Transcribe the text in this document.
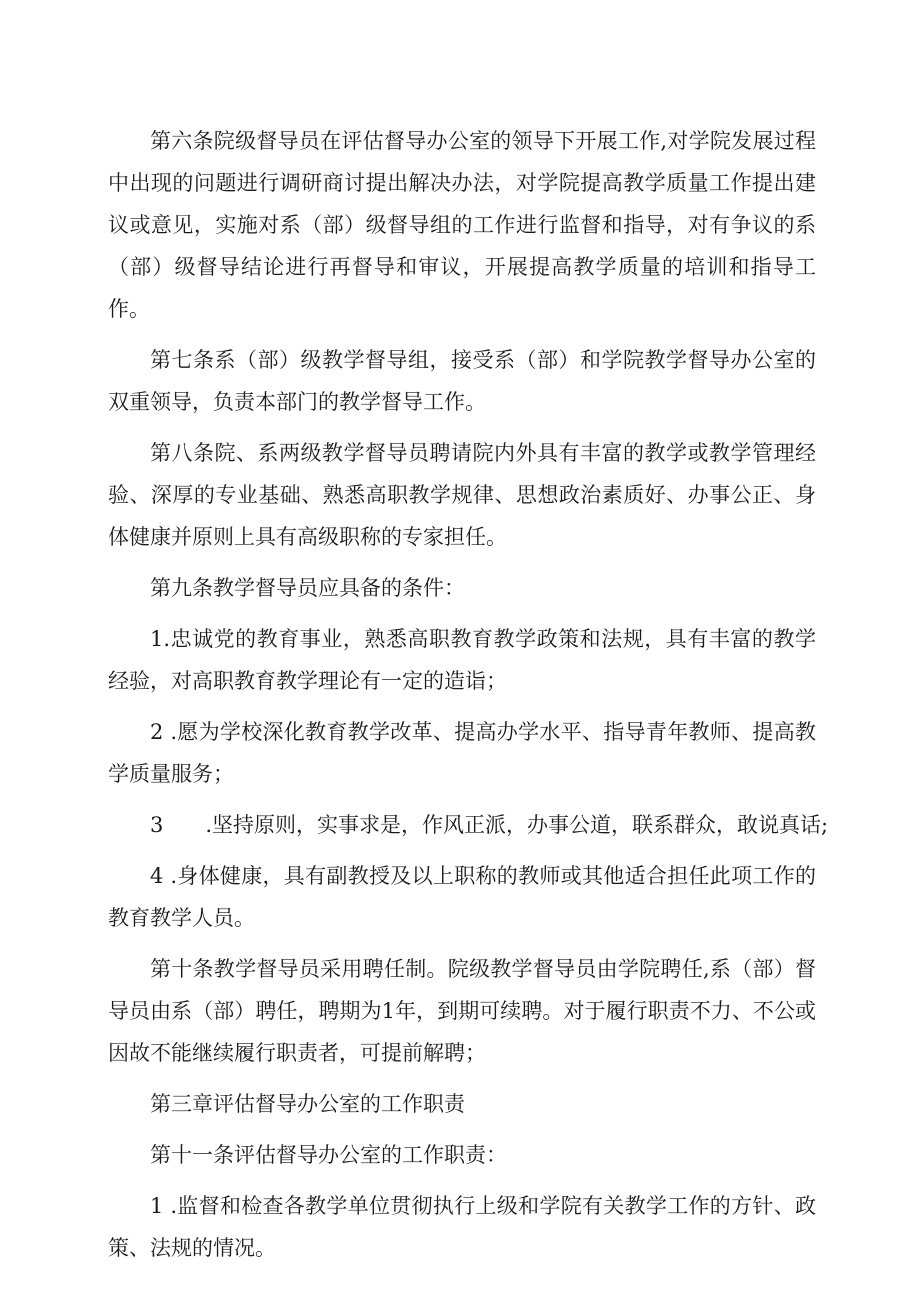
第六条院级督导员在评估督导办公室的领导下开展工作,对学院发展过程中出现的问题进行调研商讨提出解决办法，对学院提高教学质量工作提出建议或意见，实施对系（部）级督导组的工作进行监督和指导，对有争议的系（部）级督导结论进行再督导和审议，开展提高教学质量的培训和指导工作。

第七条系（部）级教学督导组，接受系（部）和学院教学督导办公室的双重领导，负责本部门的教学督导工作。

第八条院、系两级教学督导员聘请院内外具有丰富的教学或教学管理经验、深厚的专业基础、熟悉高职教学规律、思想政治素质好、办事公正、身体健康并原则上具有高级职称的专家担任。

第九条教学督导员应具备的条件：

1.忠诚党的教育事业，熟悉高职教育教学政策和法规，具有丰富的教学经验，对高职教育教学理论有一定的造诣；

2 .愿为学校深化教育教学改革、提高办学水平、指导青年教师、提高教学质量服务；

3　　.坚持原则，实事求是，作风正派，办事公道，联系群众，敢说真话;

4 .身体健康，具有副教授及以上职称的教师或其他适合担任此项工作的教育教学人员。

第十条教学督导员采用聘任制。院级教学督导员由学院聘任,系（部）督导员由系（部）聘任，聘期为1年，到期可续聘。对于履行职责不力、不公或因故不能继续履行职责者，可提前解聘；

第三章评估督导办公室的工作职责

第十一条评估督导办公室的工作职责：

1 .监督和检查各教学单位贯彻执行上级和学院有关教学工作的方针、政策、法规的情况。
